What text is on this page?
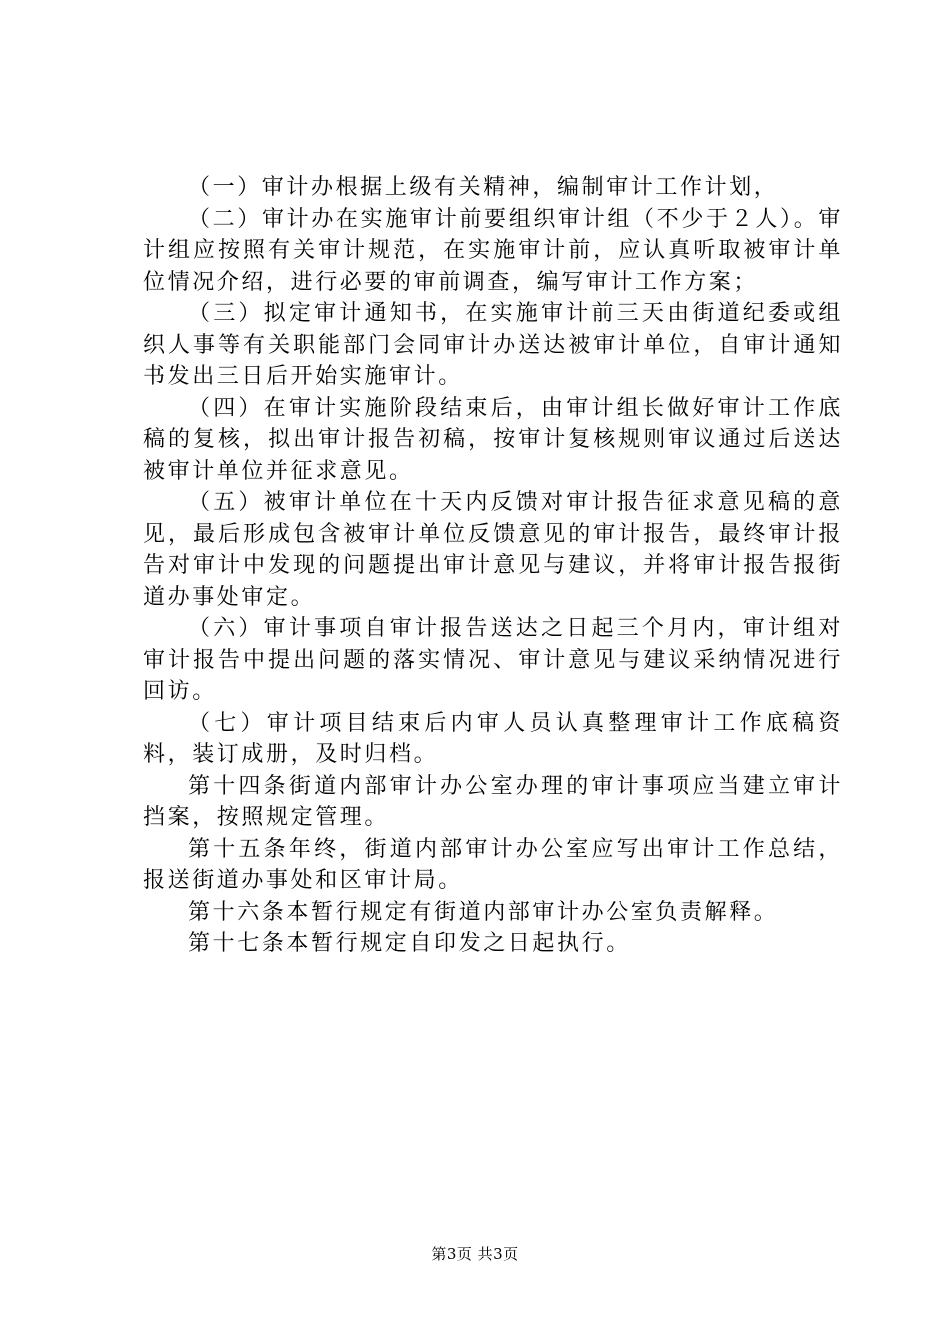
（一）审计办根据上级有关精神，编制审计工作计划，

（二）审计办在实施审计前要组织审计组（不少于２人）。审计组应按照有关审计规范，在实施审计前，应认真听取被审计单位情况介绍，进行必要的审前调查，编写审计工作方案；

（三）拟定审计通知书，在实施审计前三天由街道纪委或组织人事等有关职能部门会同审计办送达被审计单位，自审计通知书发出三日后开始实施审计。

（四）在审计实施阶段结束后，由审计组长做好审计工作底稿的复核，拟出审计报告初稿，按审计复核规则审议通过后送达被审计单位并征求意见。

（五）被审计单位在十天内反馈对审计报告征求意见稿的意见，最后形成包含被审计单位反馈意见的审计报告，最终审计报告对审计中发现的问题提出审计意见与建议，并将审计报告报街道办事处审定。

（六）审计事项自审计报告送达之日起三个月内，审计组对审计报告中提出问题的落实情况、审计意见与建议采纳情况进行回访。

（七）审计项目结束后内审人员认真整理审计工作底稿资料，装订成册，及时归档。

第十四条街道内部审计办公室办理的审计事项应当建立审计挡案，按照规定管理。

第十五条年终，街道内部审计办公室应写出审计工作总结，报送街道办事处和区审计局。

第十六条本暂行规定有街道内部审计办公室负责解释。

第十七条本暂行规定自印发之日起执行。

第3页 共3页
